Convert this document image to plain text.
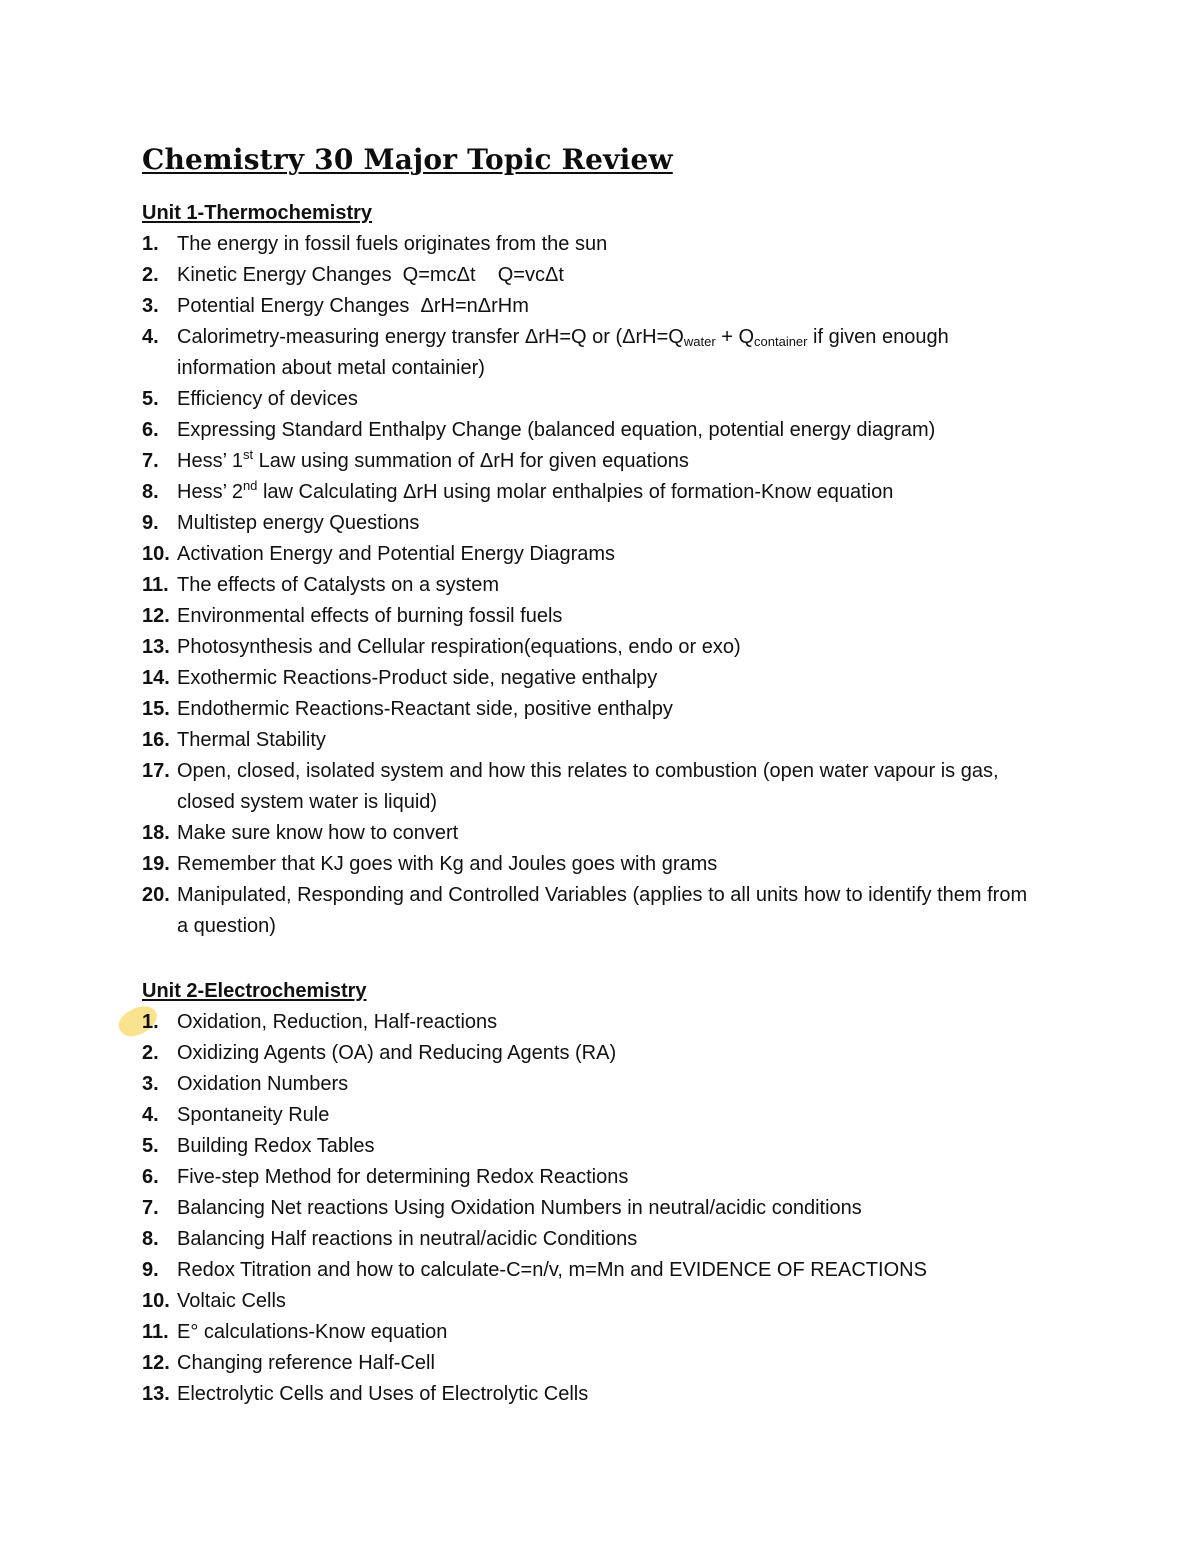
Chemistry 30 Major Topic Review
Unit 1-Thermochemistry
1. The energy in fossil fuels originates from the sun
2. Kinetic Energy Changes  Q=mcΔt    Q=vcΔt
3. Potential Energy Changes  ΔrH=nΔrHm
4. Calorimetry-measuring energy transfer ΔrH=Q or ($\Delta rH=Q_{water} + Q_{container}$ if given enough information about metal containier)
5. Efficiency of devices
6. Expressing Standard Enthalpy Change (balanced equation, potential energy diagram)
7. Hess’ 1st Law using summation of ΔrH for given equations
8. Hess’ 2nd law Calculating ΔrH using molar enthalpies of formation-Know equation
9. Multistep energy Questions
10. Activation Energy and Potential Energy Diagrams
11. The effects of Catalysts on a system
12. Environmental effects of burning fossil fuels
13. Photosynthesis and Cellular respiration(equations, endo or exo)
14. Exothermic Reactions-Product side, negative enthalpy
15. Endothermic Reactions-Reactant side, positive enthalpy
16. Thermal Stability
17. Open, closed, isolated system and how this relates to combustion (open water vapour is gas, closed system water is liquid)
18. Make sure know how to convert
19. Remember that KJ goes with Kg and Joules goes with grams
20. Manipulated, Responding and Controlled Variables (applies to all units how to identify them from a question)
Unit 2-Electrochemistry
1. Oxidation, Reduction, Half-reactions
2. Oxidizing Agents (OA) and Reducing Agents (RA)
3. Oxidation Numbers
4. Spontaneity Rule
5. Building Redox Tables
6. Five-step Method for determining Redox Reactions
7. Balancing Net reactions Using Oxidation Numbers in neutral/acidic conditions
8. Balancing Half reactions in neutral/acidic Conditions
9. Redox Titration and how to calculate-C=n/v, m=Mn and EVIDENCE OF REACTIONS
10. Voltaic Cells
11. E° calculations-Know equation
12. Changing reference Half-Cell
13. Electrolytic Cells and Uses of Electrolytic Cells
